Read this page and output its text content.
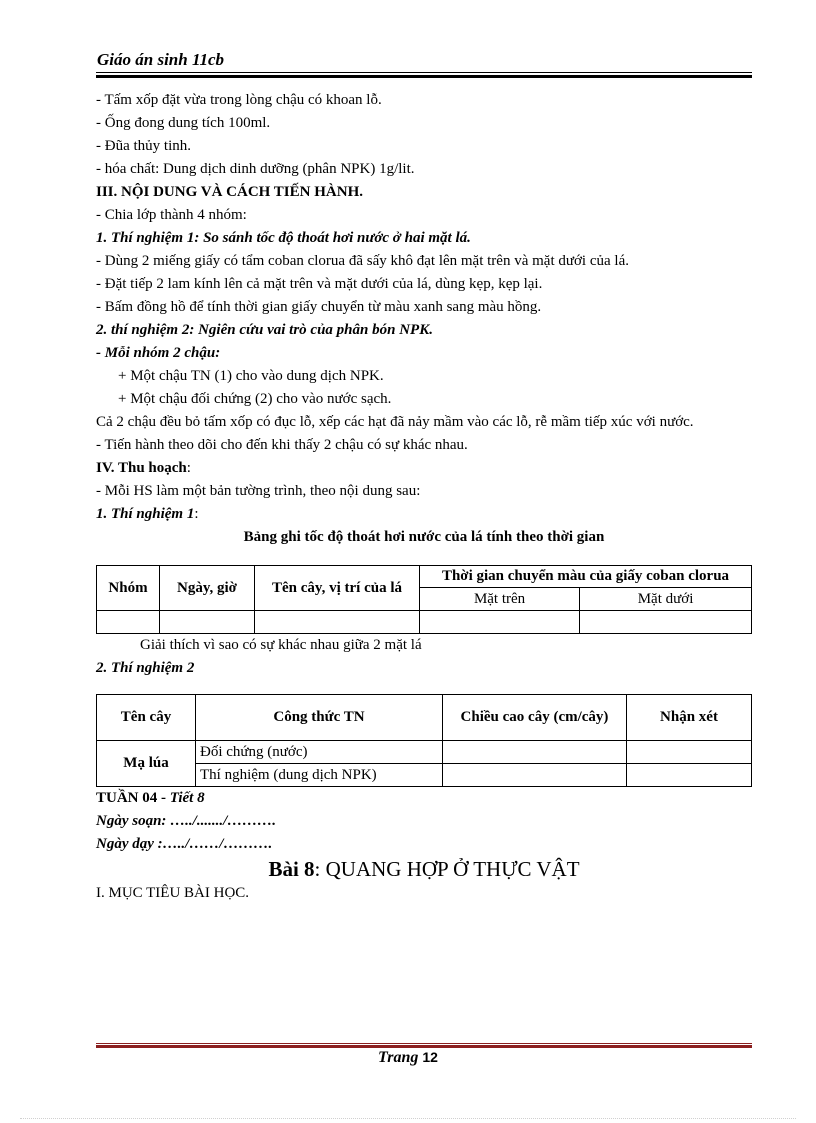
Giáo án sinh 11cb

- Tấm xốp đặt vừa trong lòng chậu có khoan lỗ.

- Ống đong dung tích 100ml.

- Đũa thủy tinh.

- hóa chất: Dung dịch dinh dưỡng (phân NPK) 1g/lit.

III. NỘI DUNG VÀ CÁCH TIẾN HÀNH.

- Chia lớp thành 4 nhóm:

1. Thí nghiệm 1: So sánh tốc độ thoát hơi nước ở hai mặt lá.

- Dùng 2 miếng giấy có tẩm coban clorua đã sấy khô đạt lên mặt trên và mặt dưới của lá.

- Đặt tiếp 2 lam kính lên cả mặt trên và mặt dưới của lá, dùng kẹp, kẹp lại.

- Bấm đồng hồ để tính thời gian giấy chuyển từ màu xanh sang màu hồng.

2. thí nghiệm 2: Ngiên cứu vai trò của phân bón NPK.

- Mỗi nhóm 2 chậu:

+ Một chậu TN (1) cho vào dung dịch NPK.

+ Một chậu đối chứng (2) cho vào nước sạch.

Cả 2 chậu đều bỏ tấm xốp có đục lỗ, xếp các hạt đã nảy mầm vào các lỗ, rễ mầm tiếp xúc với nước.

- Tiến hành theo dõi cho đến khi thấy 2 chậu có sự khác nhau.

IV. Thu hoạch:

- Mỗi HS làm một bản tường trình, theo nội dung sau:

1. Thí nghiệm 1:

Bảng ghi tốc độ thoát hơi nước của lá tính theo thời gian

Nhóm	Ngày, giờ	Tên cây, vị trí của lá	Thời gian chuyển màu của giấy coban clorua	
			Mặt trên	Mặt dưới

Giải thích vì sao có sự khác nhau giữa 2 mặt lá

2. Thí nghiệm 2

Tên cây	Công thức TN	Chiều cao cây (cm/cây)	Nhận xét
Mạ lúa	Đối chứng (nước)		
	Thí nghiệm (dung dịch NPK)		

TUẦN 04 - Tiết 8

Ngày soạn: …../......./……….

Ngày dạy :…../……/……….

Bài 8: QUANG HỢP Ở THỰC VẬT

I. MỤC TIÊU BÀI HỌC.

Trang 12
